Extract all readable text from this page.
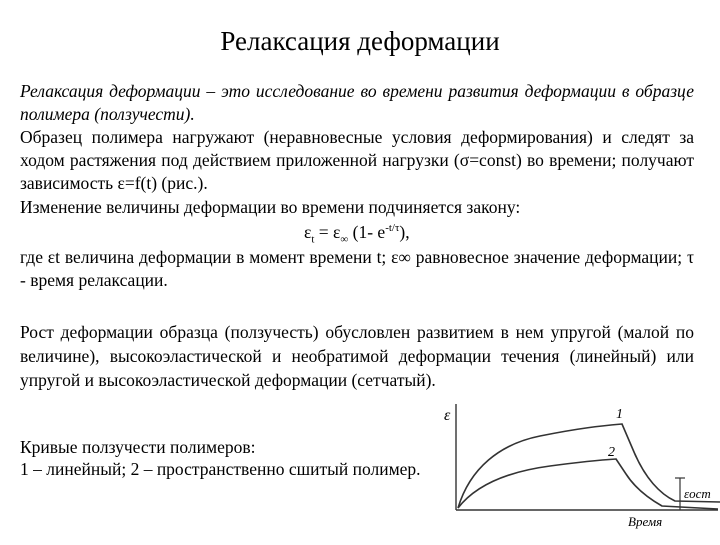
Релаксация деформации
Релаксация деформации – это исследование во времени развития деформации в образце полимера (ползучести).
Образец полимера нагружают (неравновесные условия деформирования) и следят за ходом растяжения под действием приложенной нагрузки (σ=const) во времени; получают зависимость ε=f(t) (рис.).
Изменение величины деформации во времени подчиняется закону:
$\varepsilon_t = \varepsilon_\infty$ (1- $e^{-t/\tau}$),
где εt величина деформации в момент времени t; ε∞ равновесное значение деформации; τ - время релаксации.
Рост деформации образца (ползучесть) обусловлен развитием в нем упругой (малой по величине), высокоэластической и необратимой деформации течения (линейный) или упругой и высокоэластической деформации (сетчатый).
Кривые ползучести полимеров:
1 – линейный; 2 – пространственно сшитый полимер.
ε	1
2
εост
Время
